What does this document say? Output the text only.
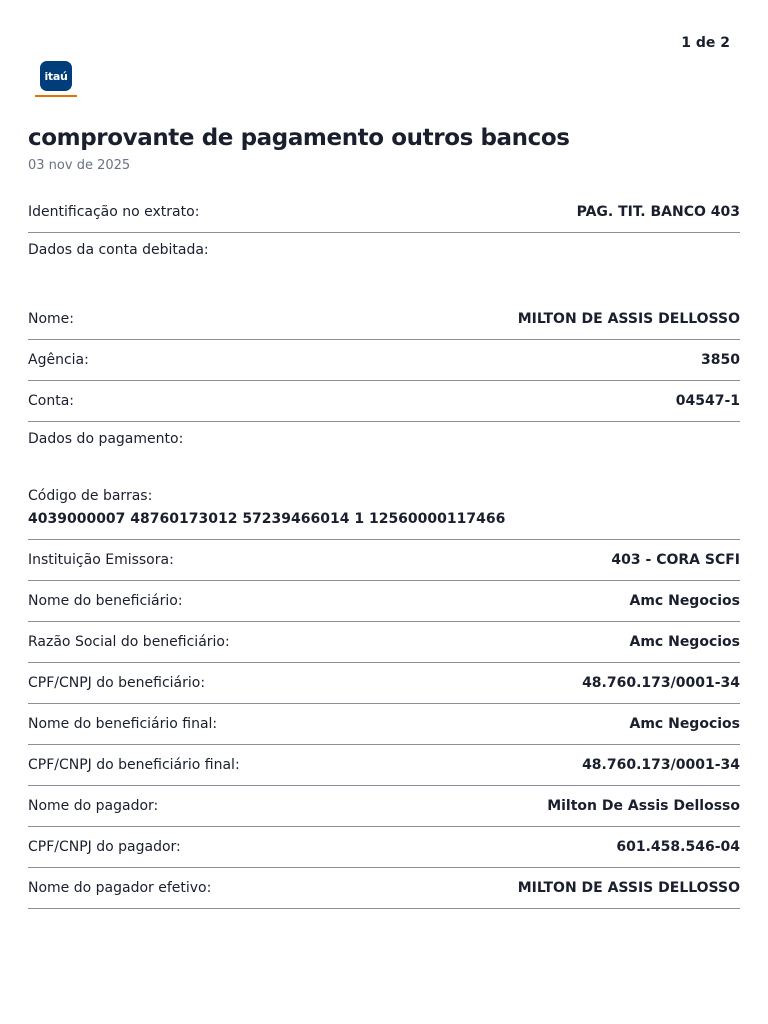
1 de 2
itaú
comprovante de pagamento outros bancos
03 nov de 2025
Identificação no extrato:	PAG. TIT. BANCO 403
Dados da conta debitada:
Nome:	MILTON DE ASSIS DELLOSSO
Agência:	3850
Conta:	04547-1
Dados do pagamento:
Código de barras:
4039000007 48760173012 57239466014 1 12560000117466
Instituição Emissora:	403 - CORA SCFI
Nome do beneficiário:	Amc Negocios
Razão Social do beneficiário:	Amc Negocios
CPF/CNPJ do beneficiário:	48.760.173/0001-34
Nome do beneficiário final:	Amc Negocios
CPF/CNPJ do beneficiário final:	48.760.173/0001-34
Nome do pagador:	Milton De Assis Dellosso
CPF/CNPJ do pagador:	601.458.546-04
Nome do pagador efetivo:	MILTON DE ASSIS DELLOSSO
